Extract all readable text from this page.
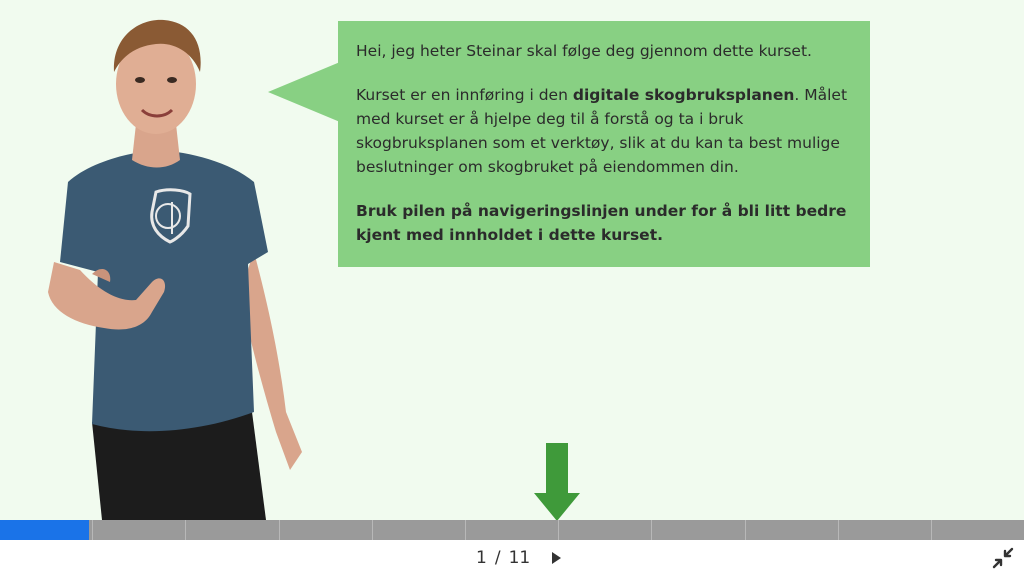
Hei, jeg heter Steinar skal følge deg gjennom dette kurset.

Kurset er en innføring i den digitale skogbruksplanen. Målet med kurset er å hjelpe deg til å forstå og ta i bruk skogbruksplanen som et verktøy, slik at du kan ta best mulige beslutninger om skogbruket på eiendommen din.

Bruk pilen på navigeringslinjen under for å bli litt bedre kjent med innholdet i dette kurset.

1 / 11
